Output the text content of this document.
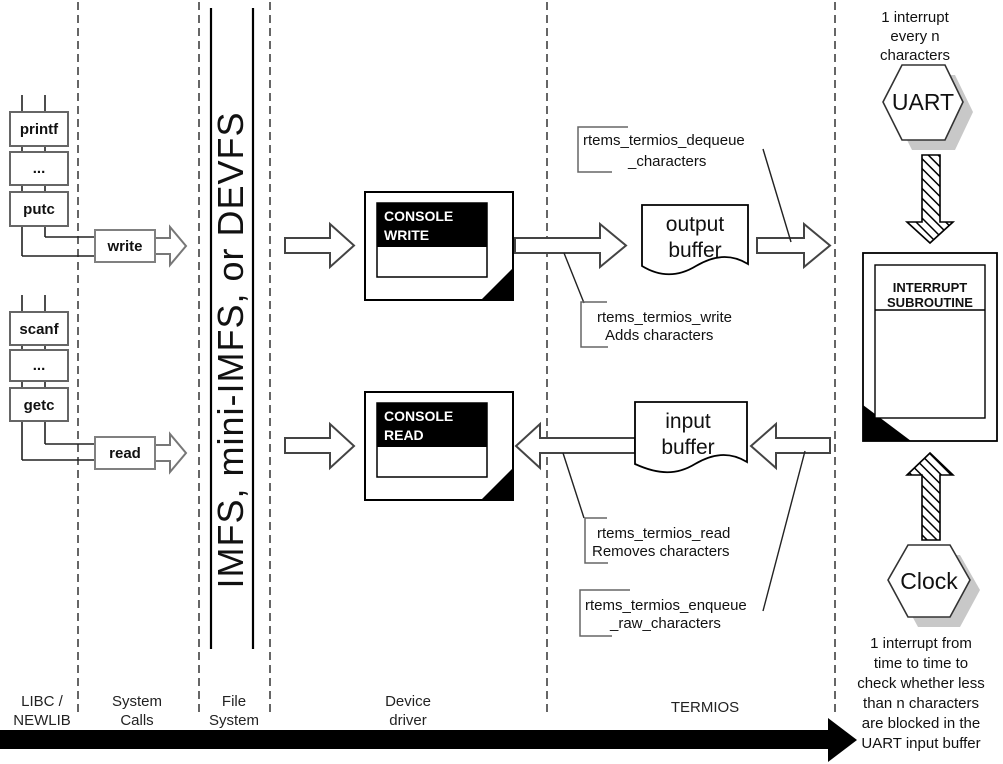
IMFS, mini-IMFS, or DEVFS
printf
...
putc
scanf
...
getc
write
read
CONSOLE
WRITE
CONSOLE
READ
output
buffer
input
buffer
rtems_termios_dequeue
_characters
rtems_termios_write
Adds characters
rtems_termios_read
Removes characters
rtems_termios_enqueue
_raw_characters
1 interrupt
every n
characters
UART
INTERRUPT
SUBROUTINE
Clock
1 interrupt from
time to time to
check whether less
than n characters
are blocked in the
UART input buffer
LIBC /
NEWLIB
System
Calls
File
System
Device
driver
TERMIOS
